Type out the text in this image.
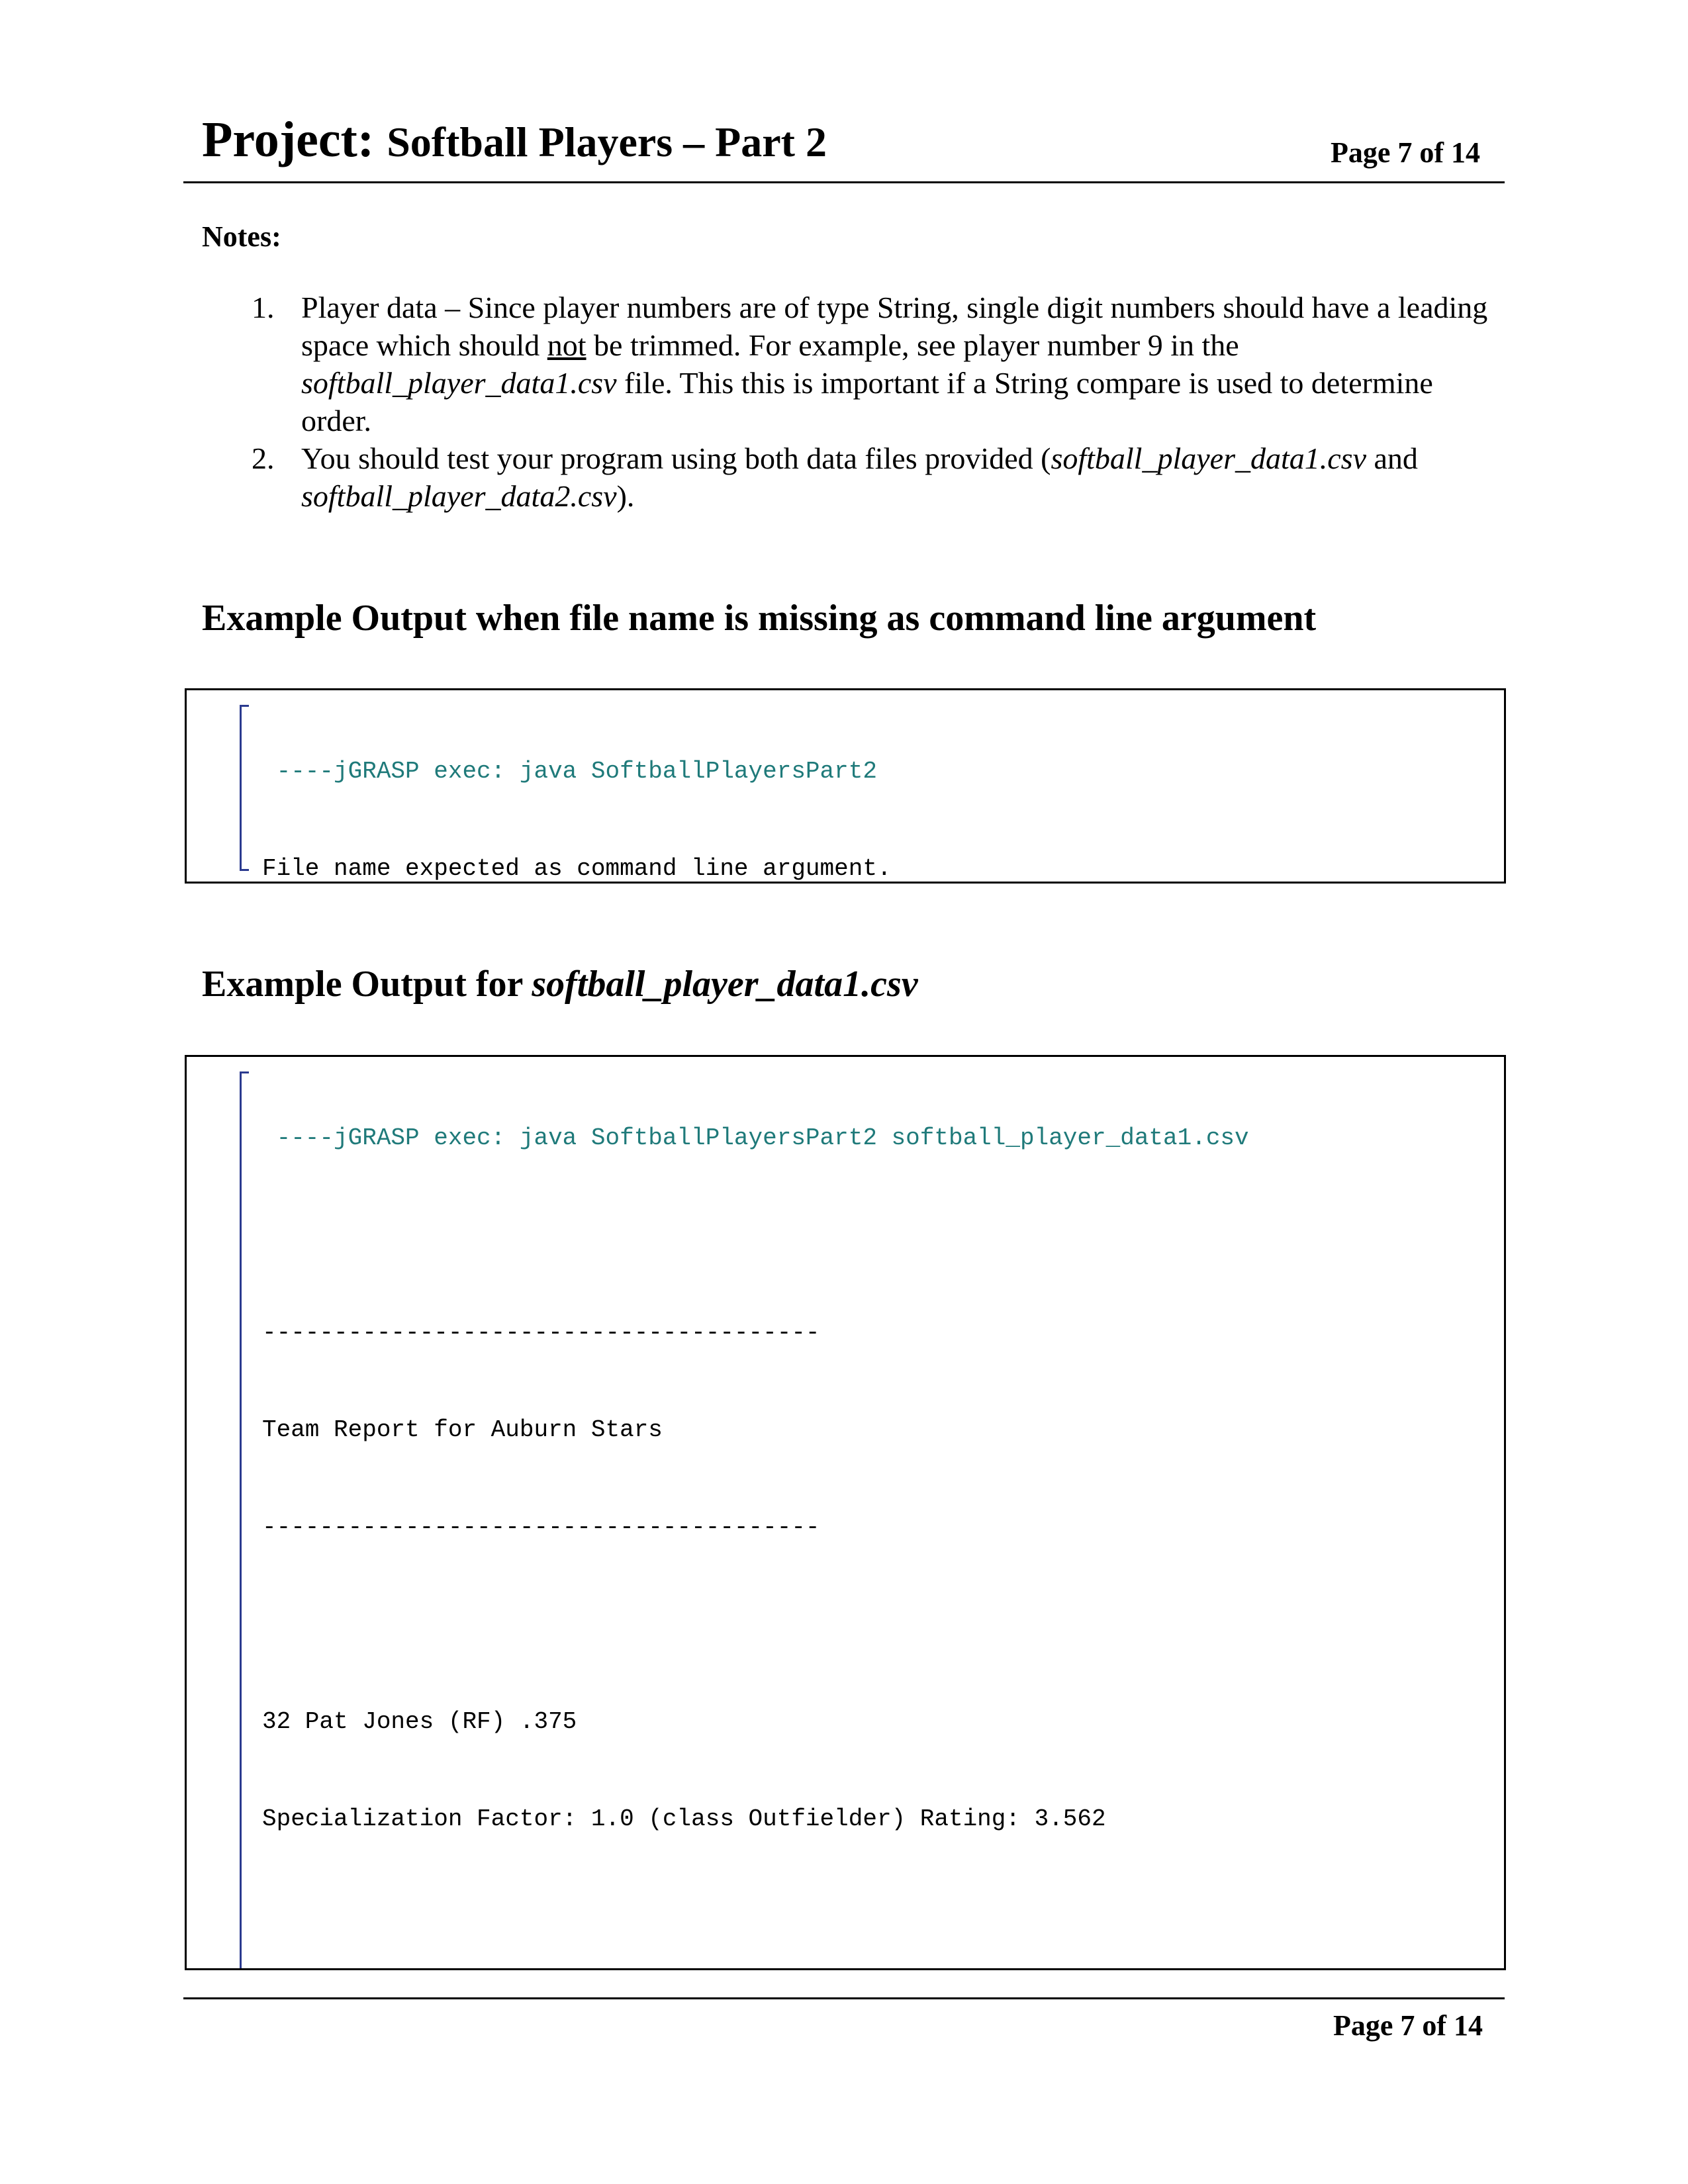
Project: Softball Players – Part 2	Page 7 of 14
Notes:
1. Player data – Since player numbers are of type String, single digit numbers should have a leading space which should not be trimmed. For example, see player number 9 in the softball_player_data1.csv file. This this is important if a String compare is used to determine order.
2. You should test your program using both data files provided (softball_player_data1.csv and softball_player_data2.csv).
Example Output when file name is missing as command line argument

----jGRASP exec: java SoftballPlayersPart2

File name expected as command line argument.

Example Output for softball_player_data1.csv

----jGRASP exec: java SoftballPlayersPart2 softball_player_data1.csv

---------------------------------------

Team Report for Auburn Stars

---------------------------------------

32 Pat Jones (RF) .375

Specialization Factor: 1.0 (class Outfielder) Rating: 3.562

Page 7 of 14
